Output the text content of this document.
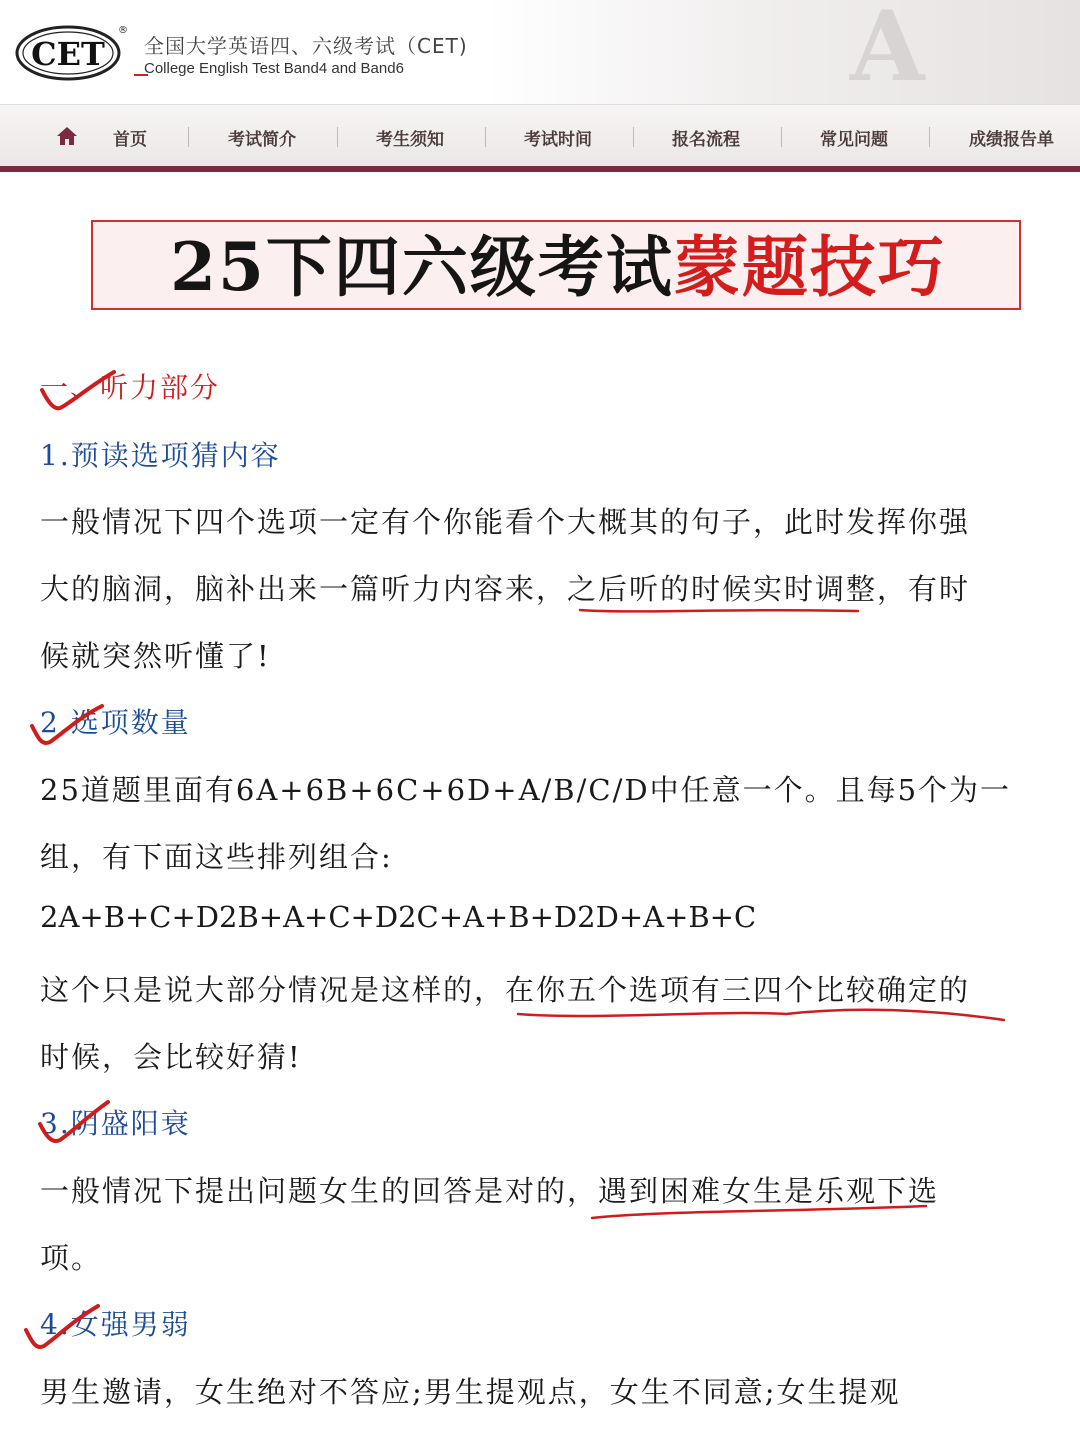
A
CET
®
全国大学英语四、六级考试（CET)
College English Test Band4 and Band6
首页	考试简介	考生须知	考试时间	报名流程	常见问题	成绩报告单
25下四六级考试蒙题技巧
一、听力部分
1.预读选项猜内容
一般情况下四个选项一定有个你能看个大概其的句子，此时发挥你强
大的脑洞，脑补出来一篇听力内容来，之后听的时候实时调整，有时
候就突然听懂了!
2.选项数量
25道题里面有6A+6B+6C+6D+A/B/C/D中任意一个。且每5个为一
组，有下面这些排列组合:
2A+B+C+D2B+A+C+D2C+A+B+D2D+A+B+C
这个只是说大部分情况是这样的，在你五个选项有三四个比较确定的
时候，会比较好猜!
3.阴盛阳衰
一般情况下提出问题女生的回答是对的，遇到困难女生是乐观下选
项。
4.女强男弱
男生邀请，女生绝对不答应;男生提观点，女生不同意;女生提观
